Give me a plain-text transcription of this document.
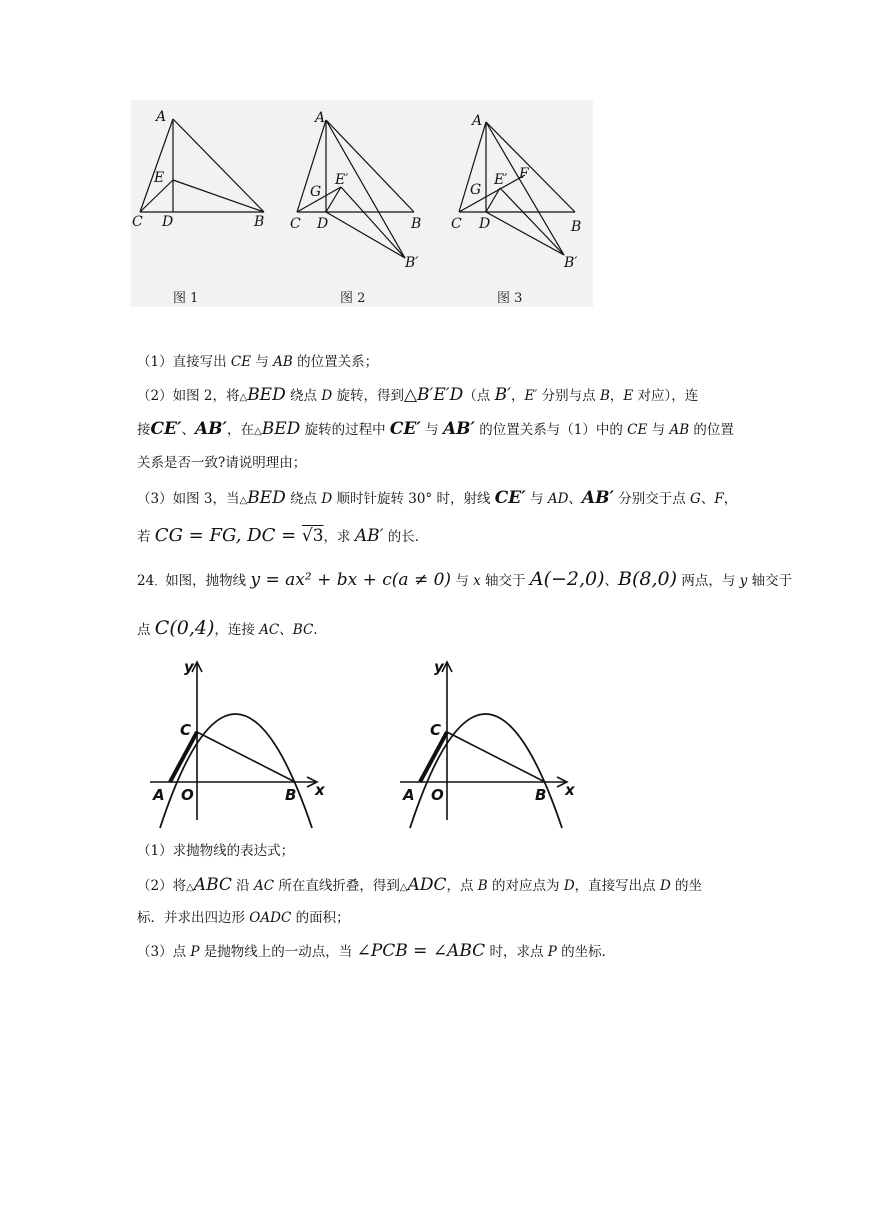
A
E
C D	B
A
G
E′
C D	B
B′
A
G
E′ F
C D	B
B′
图 1	图 2	图 3
（1）直接写出 CE 与 AB 的位置关系；
（2）如图 2，将△BED 绕点 D 旋转，得到△B′E′D（点 B′，E′ 分别与点 B，E 对应），连
接CE′、AB′，在△BED 旋转的过程中 CE′ 与 AB′ 的位置关系与（1）中的 CE 与 AB 的位置
关系是否一致?请说明理由；
（3）如图 3，当△BED 绕点 D 顺时针旋转 30° 时，射线 CE′ 与 AD、AB′ 分别交于点 G、F，
若 CG = FG, DC = √3，求 AB′ 的长．
24．如图，抛物线 y = ax² + bx + c(a ≠ 0) 与 x 轴交于 A(−2,0)、B(8,0) 两点，与 y 轴交于
点 C(0,4)，连接 AC、BC.
y
x
C
A O	B
y
x
C
A O	B
（1）求抛物线的表达式；
（2）将△ABC 沿 AC 所在直线折叠，得到△ADC，点 B 的对应点为 D，直接写出点 D 的坐
标．并求出四边形 OADC 的面积；
（3）点 P 是抛物线上的一动点，当 ∠PCB = ∠ABC 时，求点 P 的坐标．
